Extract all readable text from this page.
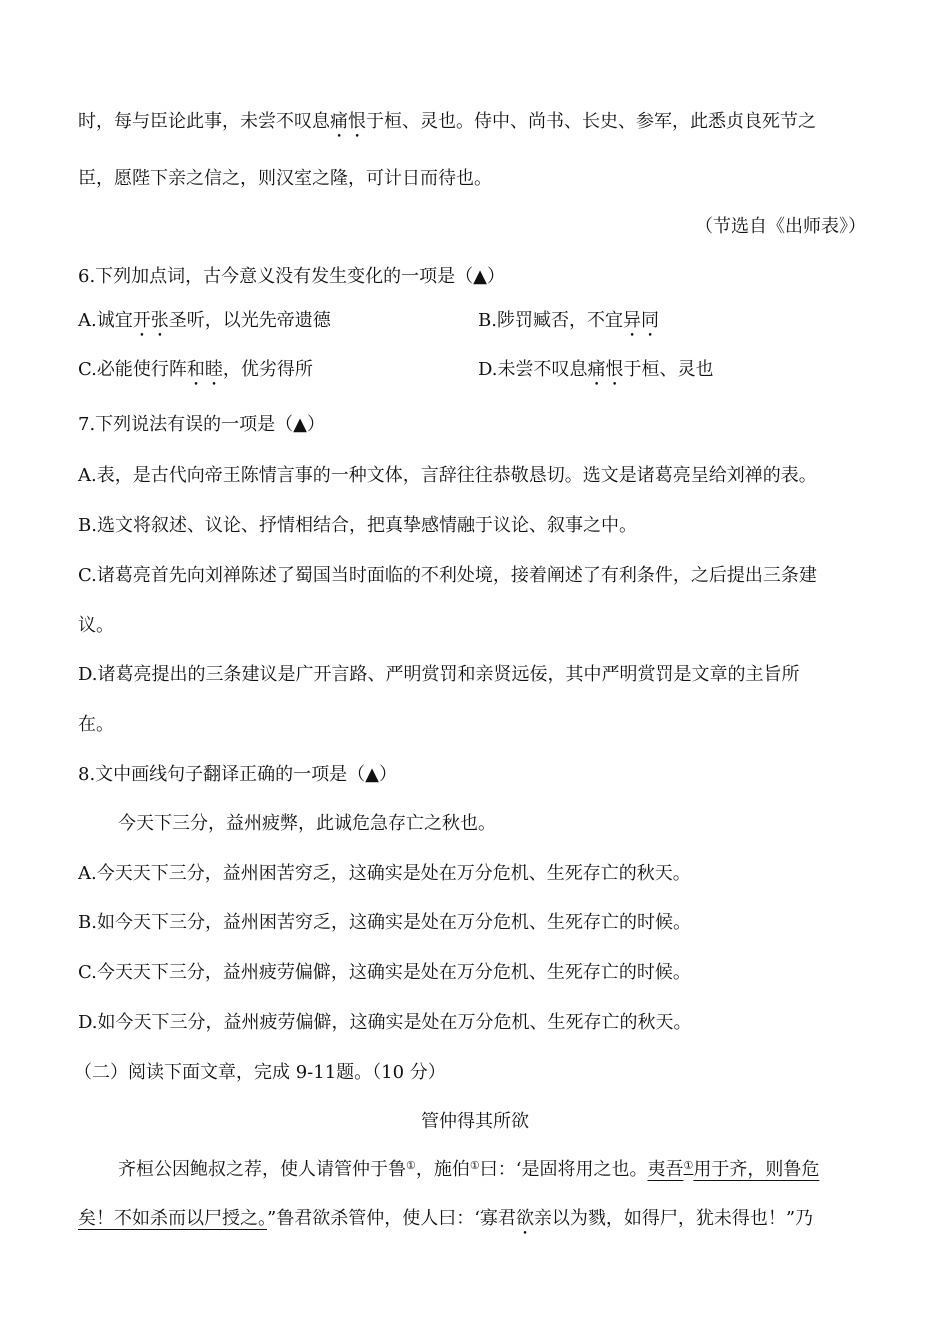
时，每与臣论此事，未尝不叹息痛恨于桓、灵也。侍中、尚书、长史、参军，此悉贞良死节之
臣，愿陛下亲之信之，则汉室之隆，可计日而待也。
（节选自《出师表》）
6.下列加点词，古今意义没有发生变化的一项是（▲）
A.诚宜开张圣听，以光先帝遗德	B.陟罚臧否，不宜异同
C.必能使行阵和睦，优劣得所	D.未尝不叹息痛恨于桓、灵也
7.下列说法有误的一项是（▲）
A.表，是古代向帝王陈情言事的一种文体，言辞往往恭敬恳切。选文是诸葛亮呈给刘禅的表。
B.选文将叙述、议论、抒情相结合，把真挚感情融于议论、叙事之中。
C.诸葛亮首先向刘禅陈述了蜀国当时面临的不利处境，接着阐述了有利条件，之后提出三条建
议。
D.诸葛亮提出的三条建议是广开言路、严明赏罚和亲贤远佞，其中严明赏罚是文章的主旨所
在。
8.文中画线句子翻译正确的一项是（▲）
今天下三分，益州疲弊，此诚危急存亡之秋也。
A.今天天下三分，益州困苦穷乏，这确实是处在万分危机、生死存亡的秋天。
B.如今天下三分，益州困苦穷乏，这确实是处在万分危机、生死存亡的时候。
C.今天天下三分，益州疲劳偏僻，这确实是处在万分危机、生死存亡的时候。
D.如今天下三分，益州疲劳偏僻，这确实是处在万分危机、生死存亡的秋天。
（二）阅读下面文章，完成 9-11题。（10 分）
管仲得其所欲
齐桓公因鲍叔之荐，使人请管仲于鲁①，施伯①曰：‘是固将用之也。夷吾①用于齐，则鲁危
矣！不如杀而以尸授之。”鲁君欲杀管仲，使人曰：‘寡君欲亲以为戮，如得尸，犹未得也！”乃
